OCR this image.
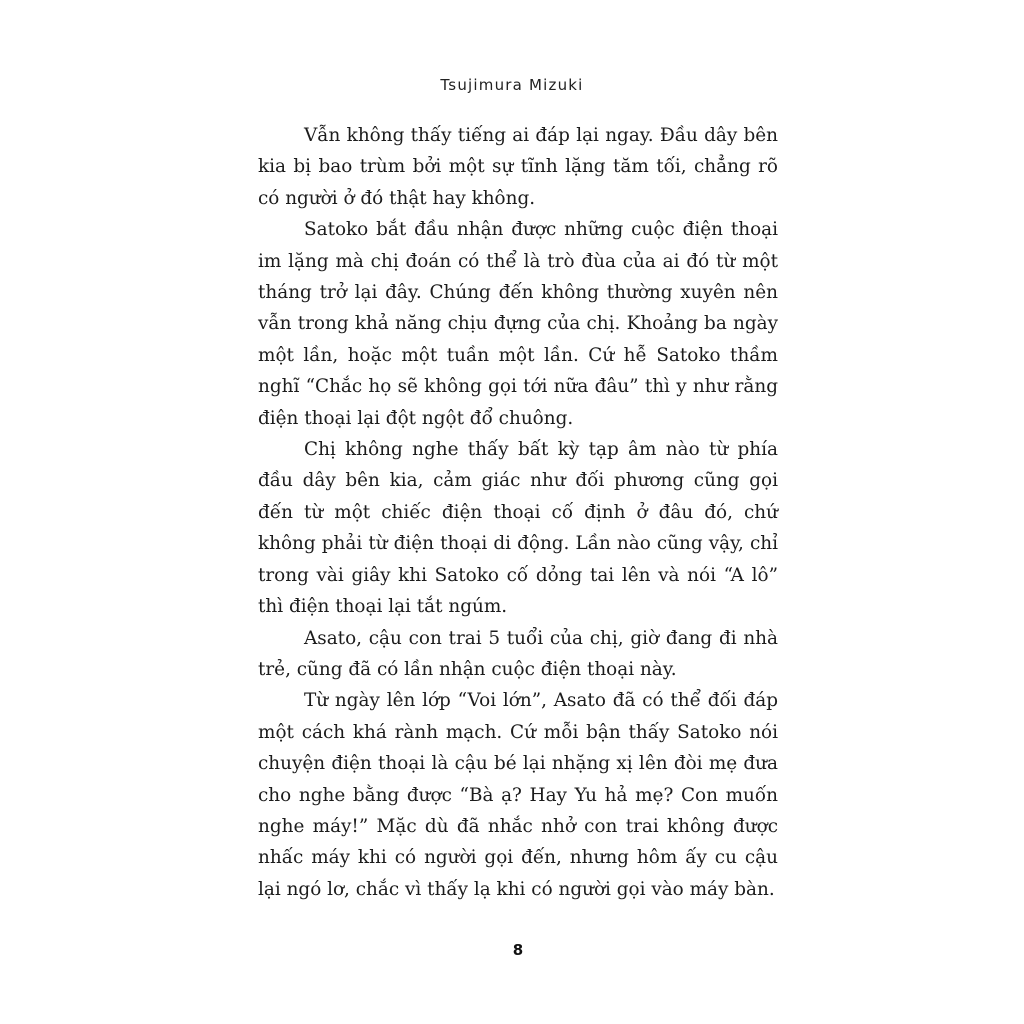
Tsujimura Mizuki

Vẫn không thấy tiếng ai đáp lại ngay. Đầu dây bên kia bị bao trùm bởi một sự tĩnh lặng tăm tối, chẳng rõ có người ở đó thật hay không.

Satoko bắt đầu nhận được những cuộc điện thoại im lặng mà chị đoán có thể là trò đùa của ai đó từ một tháng trở lại đây. Chúng đến không thường xuyên nên vẫn trong khả năng chịu đựng của chị. Khoảng ba ngày một lần, hoặc một tuần một lần. Cứ hễ Satoko thầm nghĩ “Chắc họ sẽ không gọi tới nữa đâu” thì y như rằng điện thoại lại đột ngột đổ chuông.

Chị không nghe thấy bất kỳ tạp âm nào từ phía đầu dây bên kia, cảm giác như đối phương cũng gọi đến từ một chiếc điện thoại cố định ở đâu đó, chứ không phải từ điện thoại di động. Lần nào cũng vậy, chỉ trong vài giây khi Satoko cố dỏng tai lên và nói “A lô” thì điện thoại lại tắt ngúm.

Asato, cậu con trai 5 tuổi của chị, giờ đang đi nhà trẻ, cũng đã có lần nhận cuộc điện thoại này.

Từ ngày lên lớp “Voi lớn”, Asato đã có thể đối đáp một cách khá rành mạch. Cứ mỗi bận thấy Satoko nói chuyện điện thoại là cậu bé lại nhặng xị lên đòi mẹ đưa cho nghe bằng được “Bà ạ? Hay Yu hả mẹ? Con muốn nghe máy!” Mặc dù đã nhắc nhở con trai không được nhấc máy khi có người gọi đến, nhưng hôm ấy cu cậu lại ngó lơ, chắc vì thấy lạ khi có người gọi vào máy bàn.

8
